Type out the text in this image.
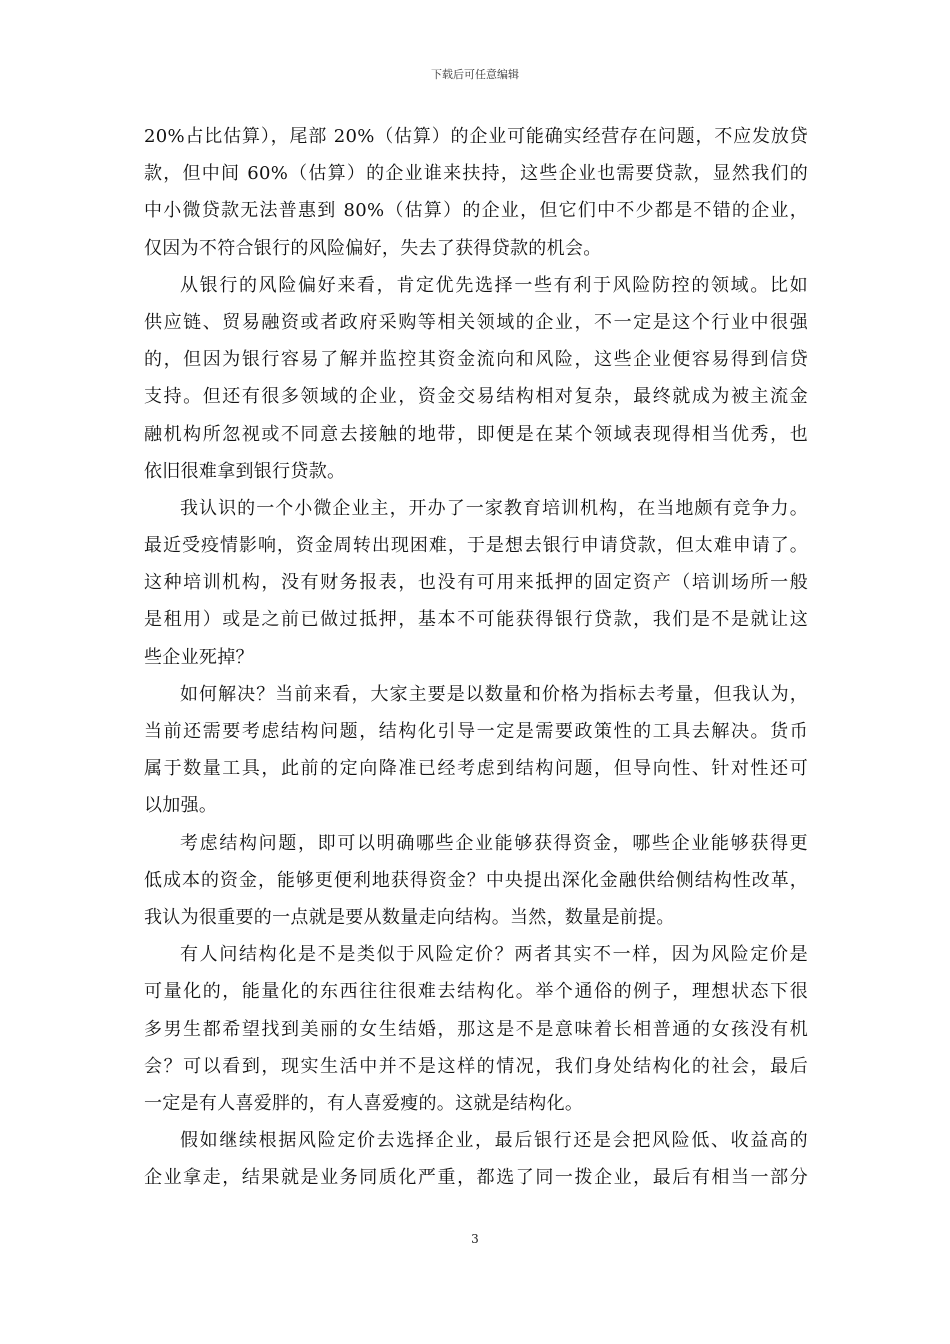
下载后可任意编辑
20%占比估算），尾部 20%（估算）的企业可能确实经营存在问题，不应发放贷
款，但中间 60%（估算）的企业谁来扶持，这些企业也需要贷款，显然我们的
中小微贷款无法普惠到 80%（估算）的企业，但它们中不少都是不错的企业，
仅因为不符合银行的风险偏好，失去了获得贷款的机会。
从银行的风险偏好来看，肯定优先选择一些有利于风险防控的领域。比如
供应链、贸易融资或者政府采购等相关领域的企业，不一定是这个行业中很强
的，但因为银行容易了解并监控其资金流向和风险，这些企业便容易得到信贷
支持。但还有很多领域的企业，资金交易结构相对复杂，最终就成为被主流金
融机构所忽视或不同意去接触的地带，即便是在某个领域表现得相当优秀，也
依旧很难拿到银行贷款。
我认识的一个小微企业主，开办了一家教育培训机构，在当地颇有竞争力。
最近受疫情影响，资金周转出现困难，于是想去银行申请贷款，但太难申请了。
这种培训机构，没有财务报表，也没有可用来抵押的固定资产（培训场所一般
是租用）或是之前已做过抵押，基本不可能获得银行贷款，我们是不是就让这
些企业死掉？
如何解决？当前来看，大家主要是以数量和价格为指标去考量，但我认为，
当前还需要考虑结构问题，结构化引导一定是需要政策性的工具去解决。货币
属于数量工具，此前的定向降准已经考虑到结构问题，但导向性、针对性还可
以加强。
考虑结构问题，即可以明确哪些企业能够获得资金，哪些企业能够获得更
低成本的资金，能够更便利地获得资金？中央提出深化金融供给侧结构性改革，
我认为很重要的一点就是要从数量走向结构。当然，数量是前提。
有人问结构化是不是类似于风险定价？两者其实不一样，因为风险定价是
可量化的，能量化的东西往往很难去结构化。举个通俗的例子，理想状态下很
多男生都希望找到美丽的女生结婚，那这是不是意味着长相普通的女孩没有机
会？可以看到，现实生活中并不是这样的情况，我们身处结构化的社会，最后
一定是有人喜爱胖的，有人喜爱瘦的。这就是结构化。
假如继续根据风险定价去选择企业，最后银行还是会把风险低、收益高的
企业拿走，结果就是业务同质化严重，都选了同一拨企业，最后有相当一部分
3
